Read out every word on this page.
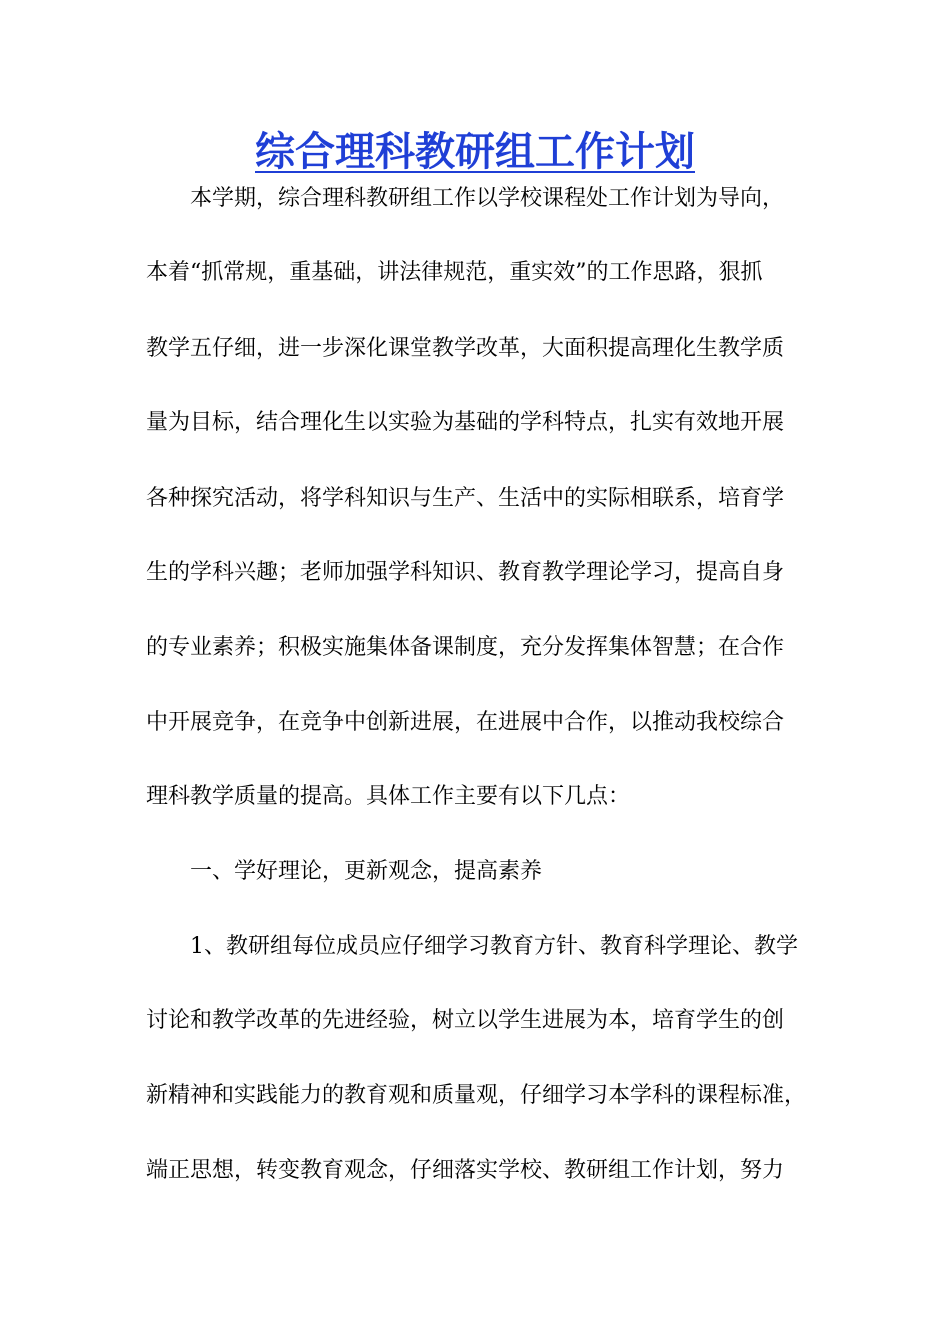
综合理科教研组工作计划

本学期，综合理科教研组工作以学校课程处工作计划为导向，

本着“抓常规，重基础，讲法律规范，重实效”的工作思路，狠抓

教学五仔细，进一步深化课堂教学改革，大面积提高理化生教学质

量为目标，结合理化生以实验为基础的学科特点，扎实有效地开展

各种探究活动，将学科知识与生产、生活中的实际相联系，培育学

生的学科兴趣；老师加强学科知识、教育教学理论学习，提高自身

的专业素养；积极实施集体备课制度，充分发挥集体智慧；在合作

中开展竞争，在竞争中创新进展，在进展中合作，以推动我校综合

理科教学质量的提高。具体工作主要有以下几点：

一、学好理论，更新观念，提高素养

1、教研组每位成员应仔细学习教育方针、教育科学理论、教学

讨论和教学改革的先进经验，树立以学生进展为本，培育学生的创

新精神和实践能力的教育观和质量观，仔细学习本学科的课程标准，

端正思想，转变教育观念，仔细落实学校、教研组工作计划，努力
